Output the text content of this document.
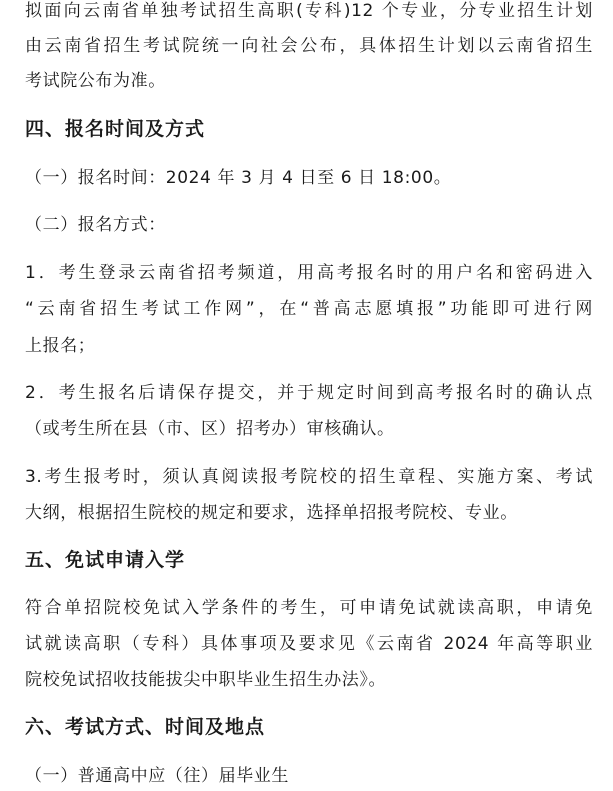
拟面向云南省单独考试招生高职(专科)12 个专业，分专业招生计划
由云南省招生考试院统一向社会公布，具体招生计划以云南省招生
考试院公布为准。
四、报名时间及方式
（一）报名时间：2024 年 3 月 4 日至 6 日 18:00。
（二）报名方式：
1．考生登录云南省招考频道，用高考报名时的用户名和密码进入
“云南省招生考试工作网”，在“普高志愿填报”功能即可进行网
上报名；
2．考生报名后请保存提交，并于规定时间到高考报名时的确认点
（或考生所在县（市、区）招考办）审核确认。
3.考生报考时，须认真阅读报考院校的招生章程、实施方案、考试
大纲，根据招生院校的规定和要求，选择单招报考院校、专业。
五、免试申请入学
符合单招院校免试入学条件的考生，可申请免试就读高职，申请免
试就读高职（专科）具体事项及要求见《云南省 2024 年高等职业
院校免试招收技能拔尖中职毕业生招生办法》。
六、考试方式、时间及地点
（一）普通高中应（往）届毕业生
